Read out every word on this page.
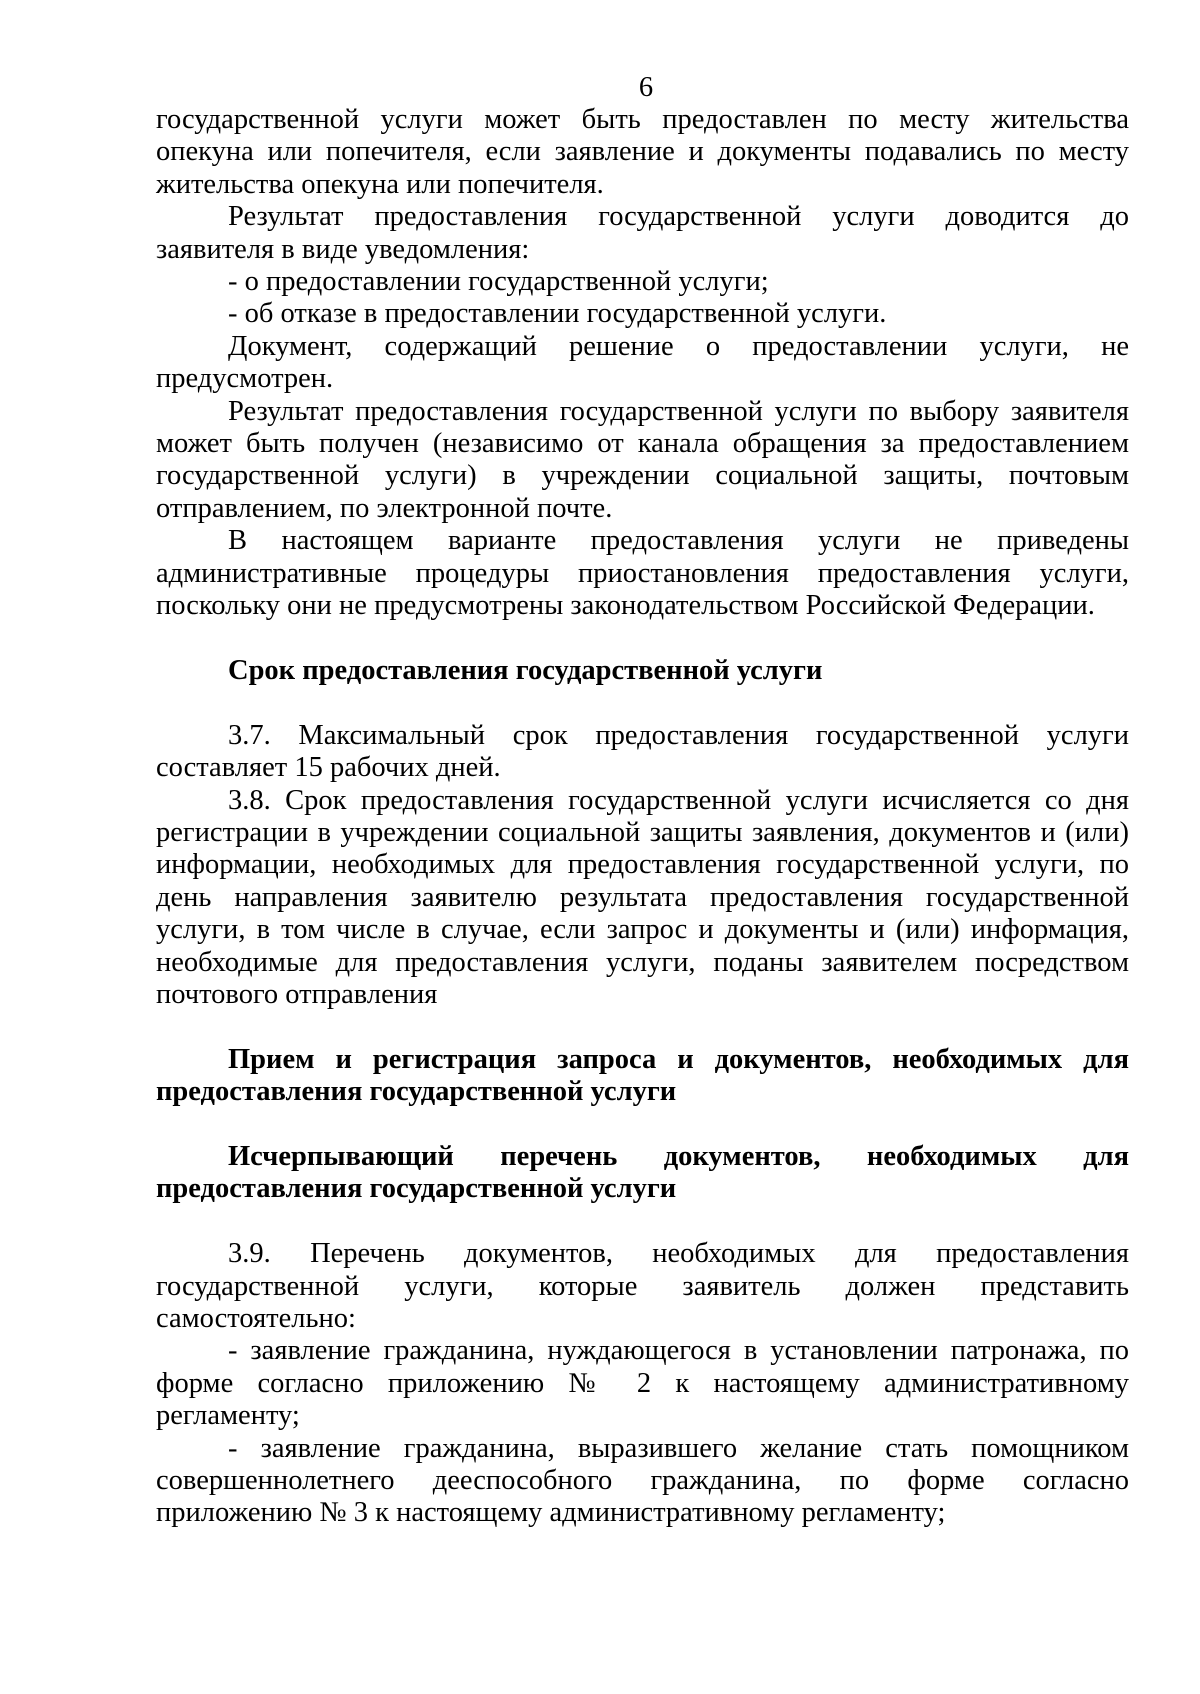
6

государственной услуги может быть предоставлен по месту жительства опекуна или попечителя, если заявление и документы подавались по месту жительства опекуна или попечителя.

Результат предоставления государственной услуги доводится до заявителя в виде уведомления:

- о предоставлении государственной услуги;

- об отказе в предоставлении государственной услуги.

Документ, содержащий решение о предоставлении услуги, не предусмотрен.

Результат предоставления государственной услуги по выбору заявителя может быть получен (независимо от канала обращения за предоставлением государственной услуги) в учреждении социальной защиты, почтовым отправлением, по электронной почте.

В настоящем варианте предоставления услуги не приведены административные процедуры приостановления предоставления услуги, поскольку они не предусмотрены законодательством Российской Федерации.

Срок предоставления государственной услуги

3.7. Максимальный срок предоставления государственной услуги составляет 15 рабочих дней.

3.8. Срок предоставления государственной услуги исчисляется со дня регистрации в учреждении социальной защиты заявления, документов и (или) информации, необходимых для предоставления государственной услуги, по день направления заявителю результата предоставления государственной услуги, в том числе в случае, если запрос и документы и (или) информация, необходимые для предоставления услуги, поданы заявителем посредством почтового отправления

Прием и регистрация запроса и документов, необходимых для предоставления государственной услуги

Исчерпывающий перечень документов, необходимых для предоставления государственной услуги

3.9. Перечень документов, необходимых для предоставления государственной услуги, которые заявитель должен представить самостоятельно:

- заявление гражданина, нуждающегося в установлении патронажа, по форме согласно приложению № 2 к настоящему административному регламенту;

- заявление гражданина, выразившего желание стать помощником совершеннолетнего дееспособного гражданина, по форме согласно приложению № 3 к настоящему административному регламенту;
